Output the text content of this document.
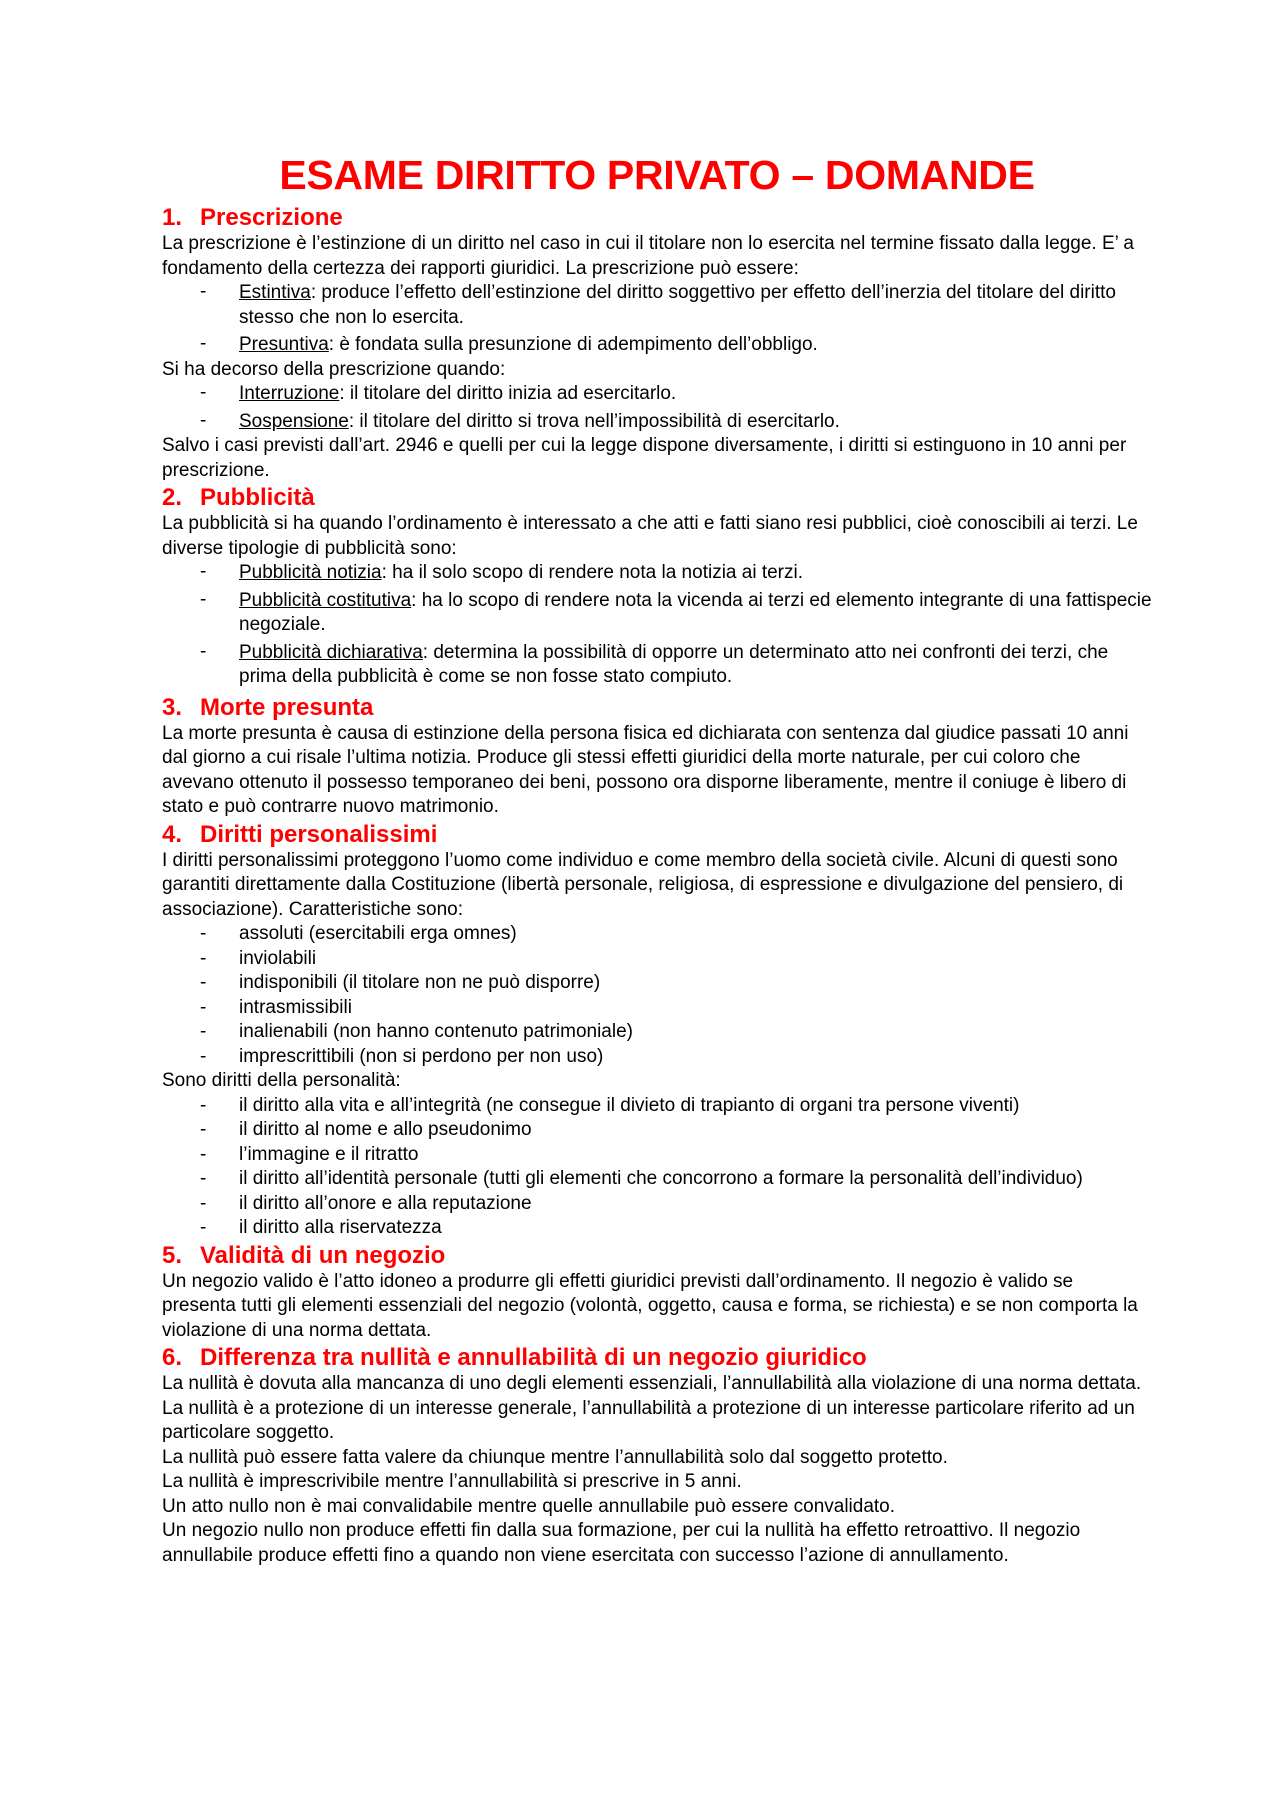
ESAME DIRITTO PRIVATO – DOMANDE
1. Prescrizione

La prescrizione è l’estinzione di un diritto nel caso in cui il titolare non lo esercita nel termine fissato dalla legge. E’ a fondamento della certezza dei rapporti giuridici. La prescrizione può essere:

- Estintiva: produce l’effetto dell’estinzione del diritto soggettivo per effetto dell’inerzia del titolare del diritto stesso che non lo esercita.
- Presuntiva: è fondata sulla presunzione di adempimento dell’obbligo.

Si ha decorso della prescrizione quando:

- Interruzione: il titolare del diritto inizia ad esercitarlo.
- Sospensione: il titolare del diritto si trova nell’impossibilità di esercitarlo.

Salvo i casi previsti dall’art. 2946 e quelli per cui la legge dispone diversamente, i diritti si estinguono in 10 anni per prescrizione.

2. Pubblicità

La pubblicità si ha quando l’ordinamento è interessato a che atti e fatti siano resi pubblici, cioè conoscibili ai terzi. Le diverse tipologie di pubblicità sono:

- Pubblicità notizia: ha il solo scopo di rendere nota la notizia ai terzi.
- Pubblicità costitutiva: ha lo scopo di rendere nota la vicenda ai terzi ed elemento integrante di una fattispecie negoziale.
- Pubblicità dichiarativa: determina la possibilità di opporre un determinato atto nei confronti dei terzi, che prima della pubblicità è come se non fosse stato compiuto.
3. Morte presunta

La morte presunta è causa di estinzione della persona fisica ed dichiarata con sentenza dal giudice passati 10 anni dal giorno a cui risale l’ultima notizia. Produce gli stessi effetti giuridici della morte naturale, per cui coloro che avevano ottenuto il possesso temporaneo dei beni, possono ora disporne liberamente, mentre il coniuge è libero di stato e può contrarre nuovo matrimonio.

4. Diritti personalissimi

I diritti personalissimi proteggono l’uomo come individuo e come membro della società civile. Alcuni di questi sono garantiti direttamente dalla Costituzione (libertà personale, religiosa, di espressione e divulgazione del pensiero, di associazione). Caratteristiche sono:

- assoluti (esercitabili erga omnes)
- inviolabili
- indisponibili (il titolare non ne può disporre)
- intrasmissibili
- inalienabili (non hanno contenuto patrimoniale)
- imprescrittibili (non si perdono per non uso)

Sono diritti della personalità:

- il diritto alla vita e all’integrità (ne consegue il divieto di trapianto di organi tra persone viventi)
- il diritto al nome e allo pseudonimo
- l’immagine e il ritratto
- il diritto all’identità personale (tutti gli elementi che concorrono a formare la personalità dell’individuo)
- il diritto all’onore e alla reputazione
- il diritto alla riservatezza
5. Validità di un negozio

Un negozio valido è l’atto idoneo a produrre gli effetti giuridici previsti dall’ordinamento. Il negozio è valido se presenta tutti gli elementi essenziali del negozio (volontà, oggetto, causa e forma, se richiesta) e se non comporta la violazione di una norma dettata.

6. Differenza tra nullità e annullabilità di un negozio giuridico

La nullità è dovuta alla mancanza di uno degli elementi essenziali, l’annullabilità alla violazione di una norma dettata.

La nullità è a protezione di un interesse generale, l’annullabilità a protezione di un interesse particolare riferito ad un particolare soggetto.

La nullità può essere fatta valere da chiunque mentre l’annullabilità solo dal soggetto protetto.

La nullità è imprescrivibile mentre l’annullabilità si prescrive in 5 anni.

Un atto nullo non è mai convalidabile mentre quelle annullabile può essere convalidato.

Un negozio nullo non produce effetti fin dalla sua formazione, per cui la nullità ha effetto retroattivo. Il negozio annullabile produce effetti fino a quando non viene esercitata con successo l’azione di annullamento.
